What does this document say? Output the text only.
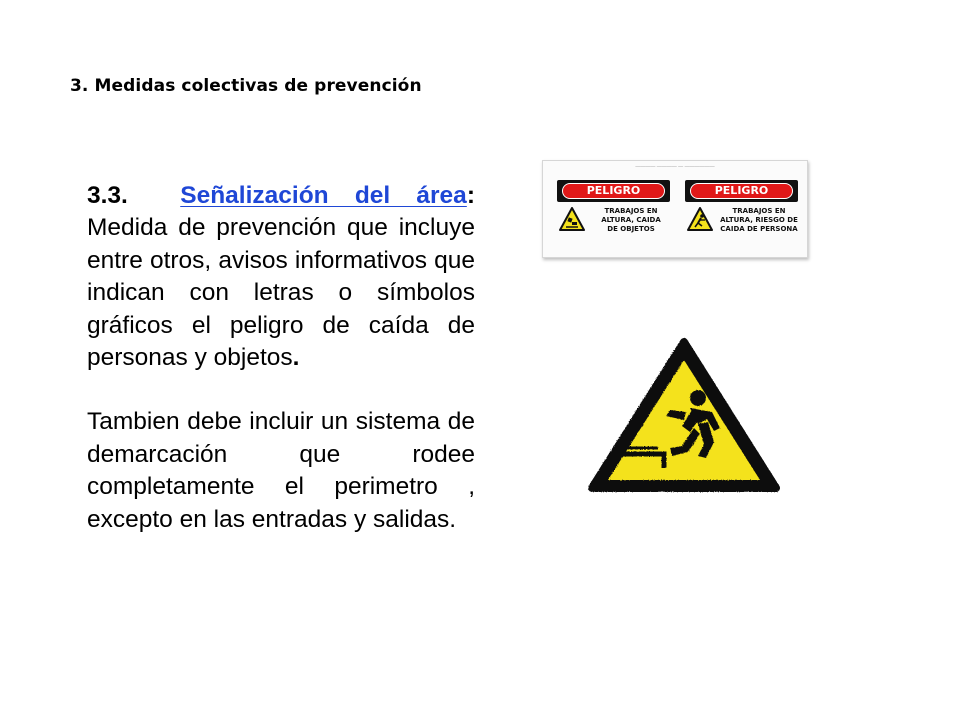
3. Medidas colectivas de prevención

3.3. Señalización del área: Medida de prevención que incluye entre otros, avisos informativos que indican con letras o símbolos gráficos el peligro de caída de personas y objetos.

Tambien debe incluir un sistema de demarcación que rodee completamente el perimetro , excepto en las entradas y salidas.

———— ———— — ——————
PELIGRO
TRABAJOS EN
ALTURA, CAIDA
DE OBJETOS
PELIGRO
TRABAJOS EN
ALTURA, RIESGO DE
CAIDA DE PERSONA
